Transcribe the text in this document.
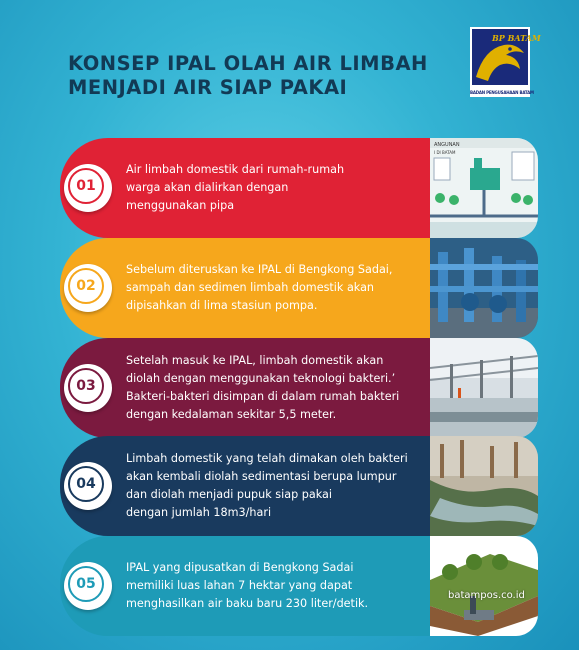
KONSEP IPAL OLAH AIR LIMBAH
MENJADI AIR SIAP PAKAI
BP BATAM
BADAN PENGUSAHAAN BATAM
01
Air limbah domestik dari rumah-rumah
warga akan dialirkan dengan
menggunakan pipa
ANGUNAN
I DI BATAM
02
Sebelum diteruskan ke IPAL di Bengkong Sadai,
sampah dan sedimen limbah domestik akan
dipisahkan di lima stasiun pompa.
03
Setelah masuk ke IPAL, limbah domestik akan
diolah dengan menggunakan teknologi bakteri.’
Bakteri-bakteri disimpan di dalam rumah bakteri
dengan kedalaman sekitar 5,5 meter.
04
Limbah domestik yang telah dimakan oleh bakteri
akan kembali diolah sedimentasi berupa lumpur
dan diolah menjadi pupuk siap pakai
dengan jumlah 18m3/hari
05
IPAL yang dipusatkan di Bengkong Sadai
memiliki luas lahan 7 hektar yang dapat
menghasilkan air baku baru 230 liter/detik.
batampos.co.id
